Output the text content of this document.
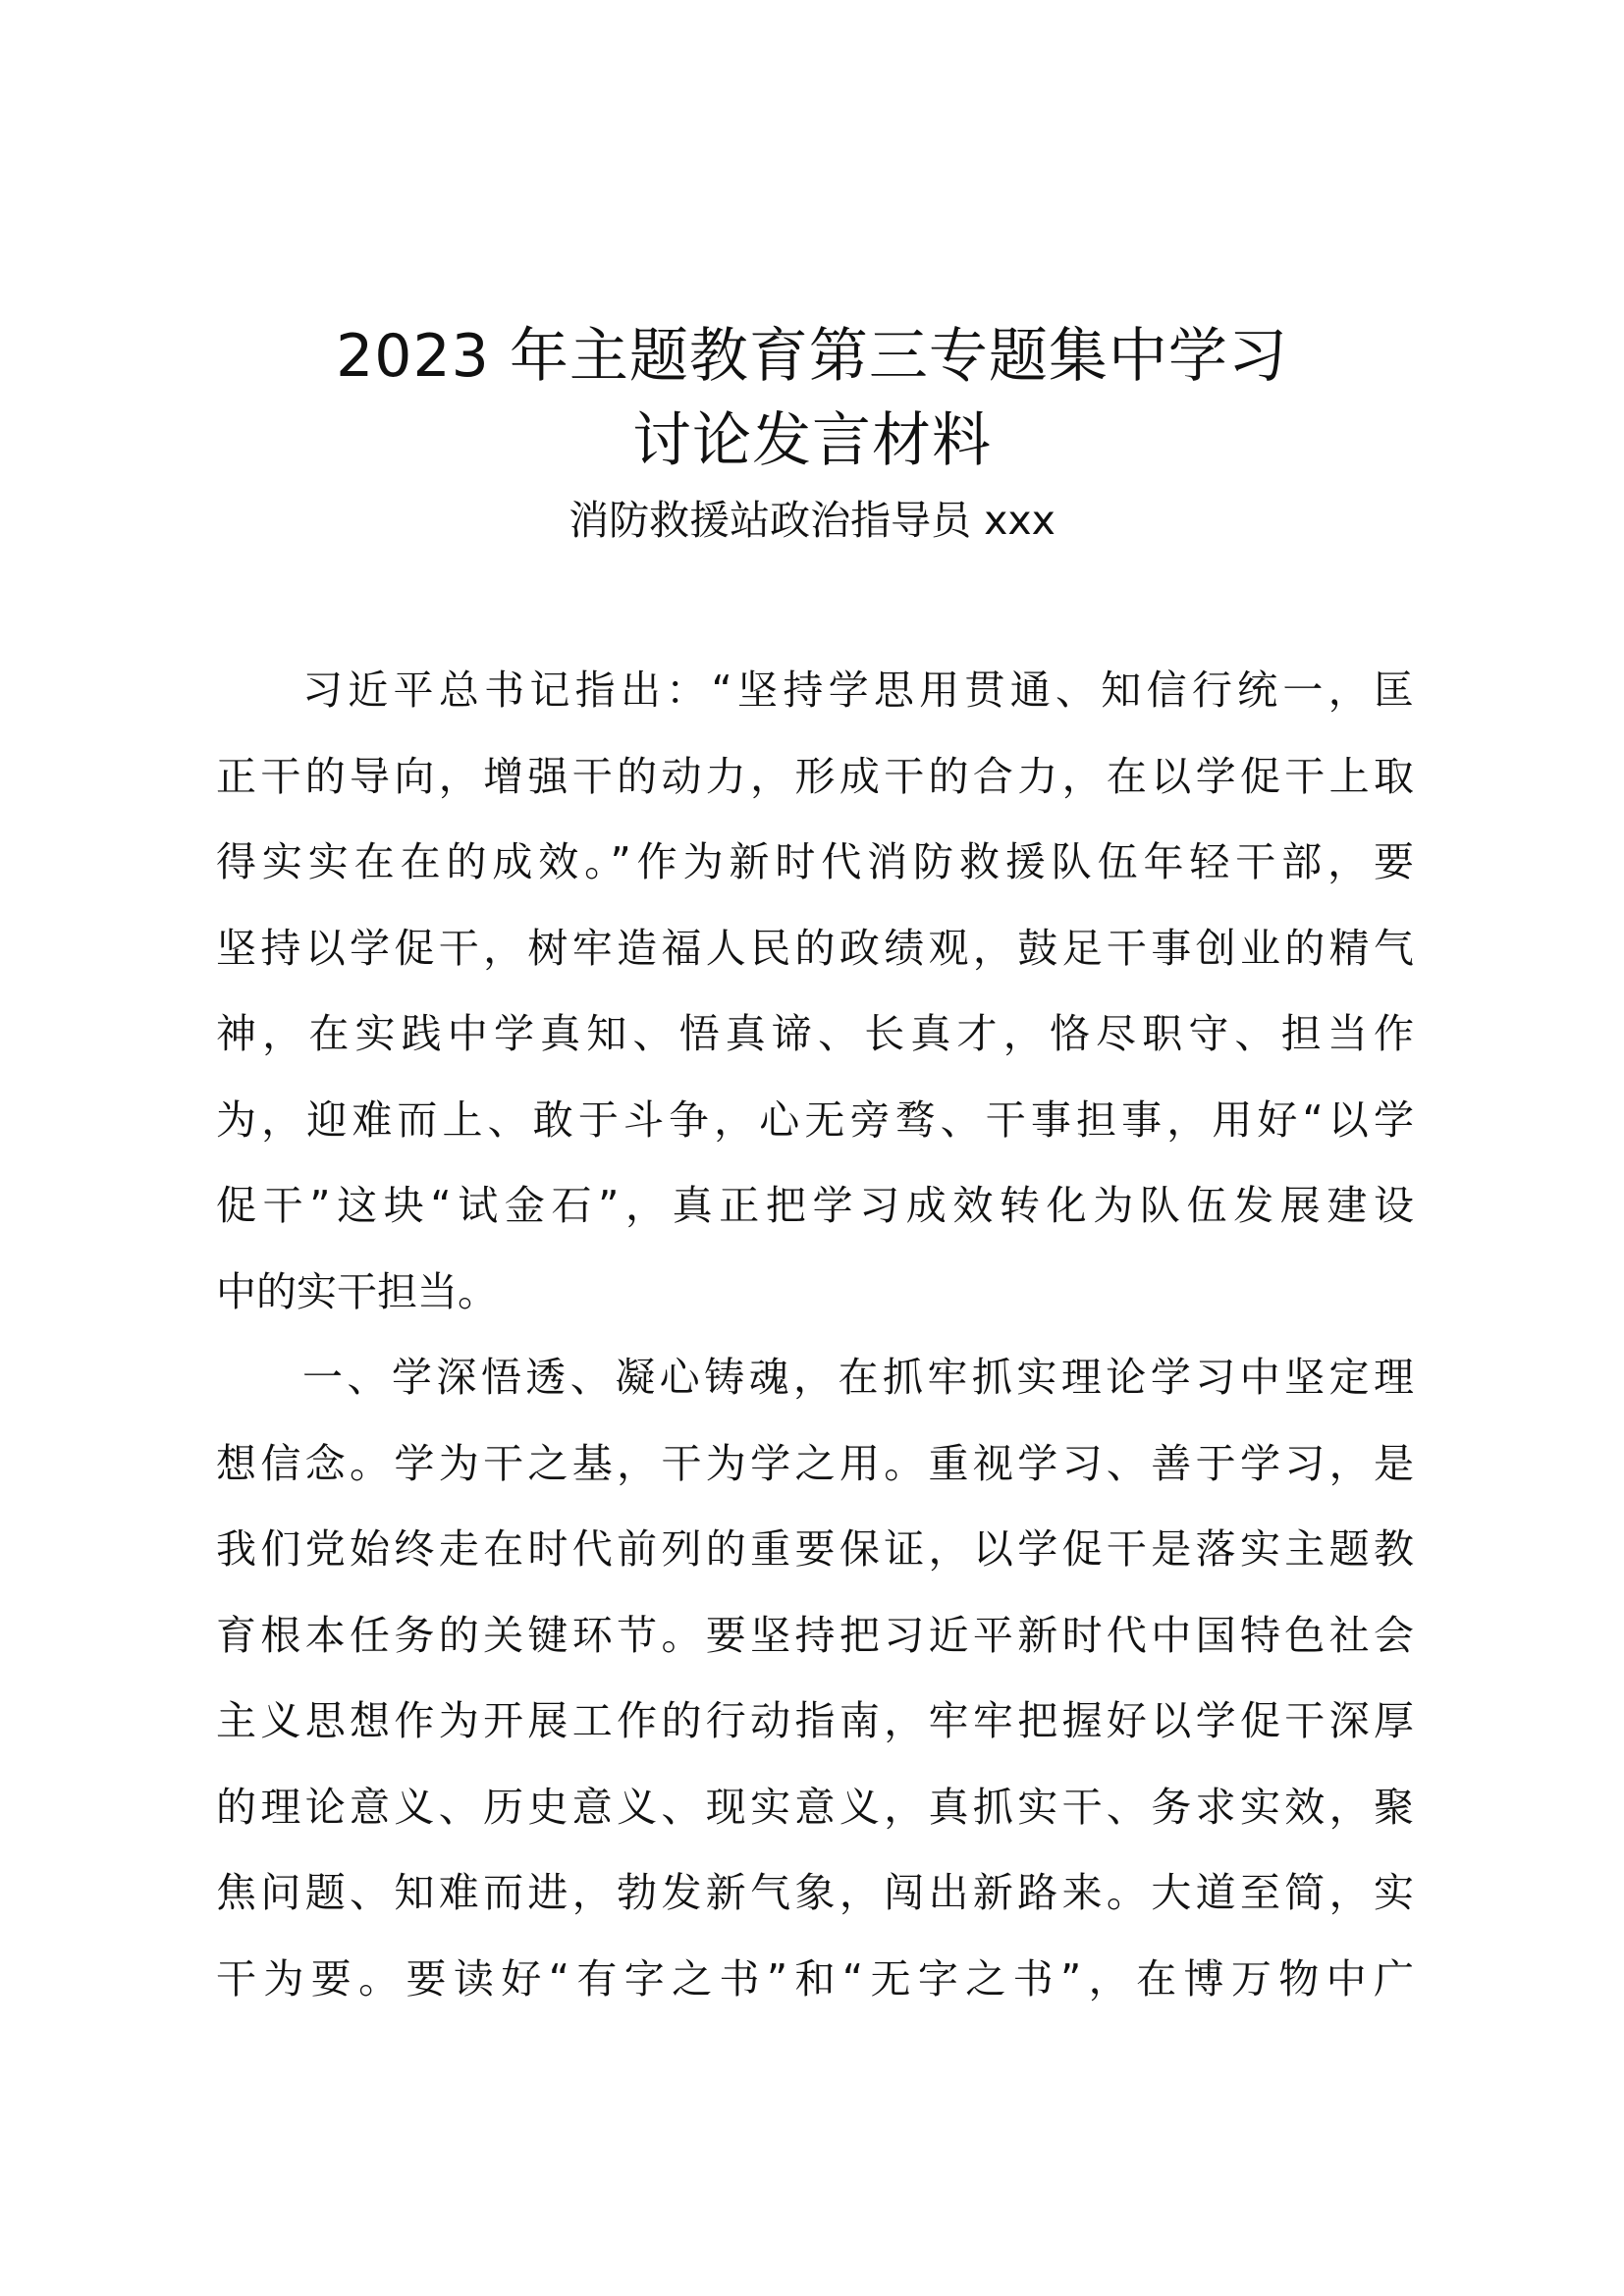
2023 年主题教育第三专题集中学习
讨论发言材料
消防救援站政治指导员 xxx
习近平总书记指出：“坚持学思用贯通、知信行统一，匡
正干的导向，增强干的动力，形成干的合力，在以学促干上取
得实实在在的成效。”作为新时代消防救援队伍年轻干部，要
坚持以学促干，树牢造福人民的政绩观，鼓足干事创业的精气
神，在实践中学真知、悟真谛、长真才，恪尽职守、担当作
为，迎难而上、敢于斗争，心无旁骛、干事担事，用好“以学
促干”这块“试金石”，真正把学习成效转化为队伍发展建设
中的实干担当。
一、学深悟透、凝心铸魂，在抓牢抓实理论学习中坚定理
想信念。学为干之基，干为学之用。重视学习、善于学习，是
我们党始终走在时代前列的重要保证，以学促干是落实主题教
育根本任务的关键环节。要坚持把习近平新时代中国特色社会
主义思想作为开展工作的行动指南，牢牢把握好以学促干深厚
的理论意义、历史意义、现实意义，真抓实干、务求实效，聚
焦问题、知难而进，勃发新气象，闯出新路来。大道至简，实
干为要。要读好“有字之书”和“无字之书”，在博万物中广
